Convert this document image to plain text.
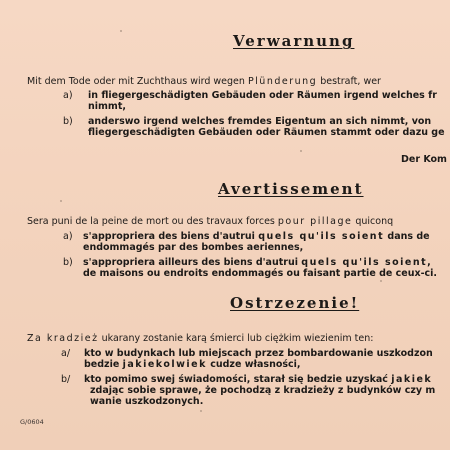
Verwarnung
Mit dem Tode oder mit Zuchthaus wird wegen Plünderung bestraft, wer
a) in fliegergeschädigten Gebäuden oder Räumen irgend welches fr
nimmt,
b) anderswo irgend welches fremdes Eigentum an sich nimmt, von
fliegergeschädigten Gebäuden oder Räumen stammt oder dazu ge
Der Kom
Avertissement
Sera puni de la peine de mort ou des travaux forces pour pillage quiconq
a) s'appropriera des biens d'autrui quels qu'ils soient dans de
endommagés par des bombes aeriennes,
b) s'appropriera ailleurs des biens d'autrui quels qu'ils soient,
de maisons ou endroits endommagés ou faisant partie de ceux-ci.
Ostrzezenie!
Za kradzież ukarany zostanie karą śmierci lub ciężkim wiezienim ten:
a/ kto w budynkach lub miejscach przez bombardowanie uszkodzon
bedzie jakiekolwiek cudze własności,
b/ kto pomimo swej świadomości, starał się bedzie uzyskać jakiek
zdając sobie sprawe, że pochodzą z kradzieży z budynków czy m
wanie uszkodzonych.
G/0604
